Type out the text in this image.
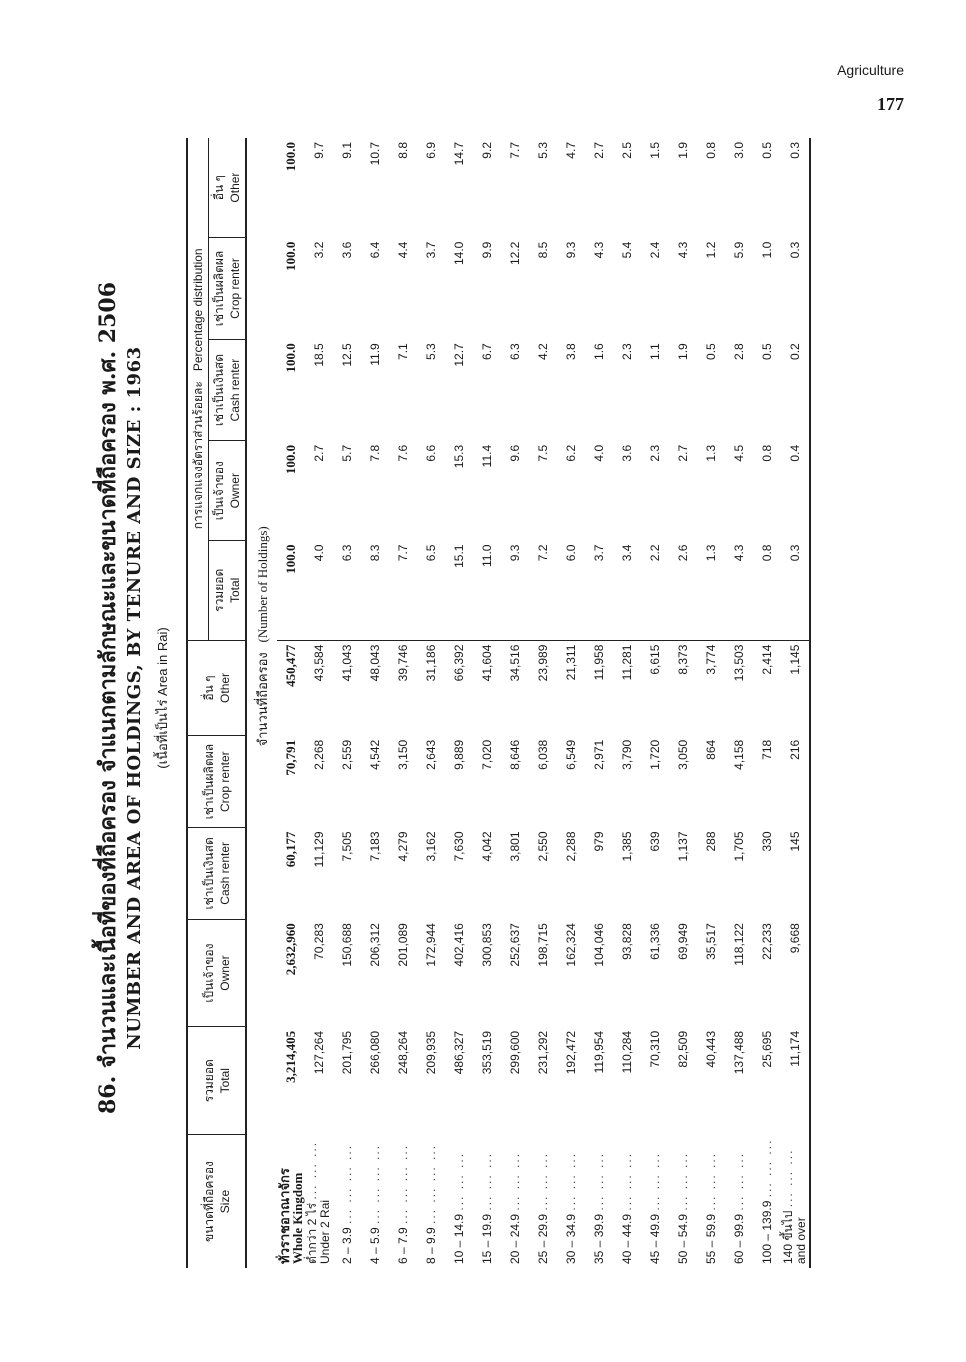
Agriculture
177
86. จำนวนและเนื้อที่ของที่ถือครอง จำแนกตามลักษณะและขนาดที่ถือครอง พ.ศ. 2506 NUMBER AND AREA OF HOLDINGS, BY TENURE AND SIZE : 1963 (เนื้อที่เป็นไร่ Area in Rai)
ขนาดที่ถือครอง Size	รวมยอด Total	เป็นเจ้าของ Owner	เช่าเป็นเงินสด Cash renter	เช่าเป็นผลิตผล Crop renter	อื่น ๆ Other	การแจกแจงอัตราส่วนร้อยละ   Percentage distribution				

						รวมยอด Total	เป็นเจ้าของ Owner	เช่าเป็นเงินสด Cash renter	เช่าเป็นผลิตผล Crop renter	อื่น ๆ Other

	จำนวนที่ถือครอง   (Number of Holdings)									
ทั่วราชอาณาจักร
Whole Kingdom	3,214,405	2,632,960	60,177	70,791	450,477	100.0	100.0	100.0	100.0	100.0
ต่ำกว่า 2 ไร่ ... ... ...
Under 2 Rai	127,264	70,283	11,129	2,268	43,584	4.0	2.7	18.5	3.2	9.7
2 – 3.9 ... ... ... ...	201,795	150,688	7,505	2,559	41,043	6.3	5.7	12.5	3.6	9.1
4 – 5.9 ... ... ... ...	266,080	206,312	7,183	4,542	48,043	8.3	7.8	11.9	6.4	10.7
6 – 7.9 ... ... ... ...	248,264	201,089	4,279	3,150	39,746	7.7	7.6	7.1	4.4	8.8
8 – 9.9 ... ... ... ...	209,935	172,944	3,162	2,643	31,186	6.5	6.6	5.3	3.7	6.9
10 – 14.9 ... ... ...	486,327	402,416	7,630	9,889	66,392	15.1	15.3	12.7	14.0	14.7
15 – 19.9 ... ... ...	353,519	300,853	4,042	7,020	41,604	11.0	11.4	6.7	9.9	9.2
20 – 24.9 ... ... ...	299,600	252,637	3,801	8,646	34,516	9.3	9.6	6.3	12.2	7.7
25 – 29.9 ... ... ...	231,292	198,715	2,550	6,038	23,989	7.2	7.5	4.2	8.5	5.3
30 – 34.9 ... ... ...	192,472	162,324	2,288	6,549	21,311	6.0	6.2	3.8	9.3	4.7
35 – 39.9 ... ... ...	119,954	104,046	979	2,971	11,958	3.7	4.0	1.6	4.3	2.7
40 – 44.9 ... ... ...	110,284	93,828	1,385	3,790	11,281	3.4	3.6	2.3	5.4	2.5
45 – 49.9 ... ... ...	70,310	61,336	639	1,720	6,615	2.2	2.3	1.1	2.4	1.5
50 – 54.9 ... ... ...	82,509	69,949	1,137	3,050	8,373	2.6	2.7	1.9	4.3	1.9
55 – 59.9 ... ... ...	40,443	35,517	288	864	3,774	1.3	1.3	0.5	1.2	0.8
60 – 99.9 ... ... ...	137,488	118,122	1,705	4,158	13,503	4.3	4.5	2.8	5.9	3.0
100 – 139.9 ... ... ...	25,695	22,233	330	718	2,414	0.8	0.8	0.5	1.0	0.5
140 ขึ้นไป ... ... ...
and over	11,174	9,668	145	216	1,145	0.3	0.4	0.2	0.3	0.3
